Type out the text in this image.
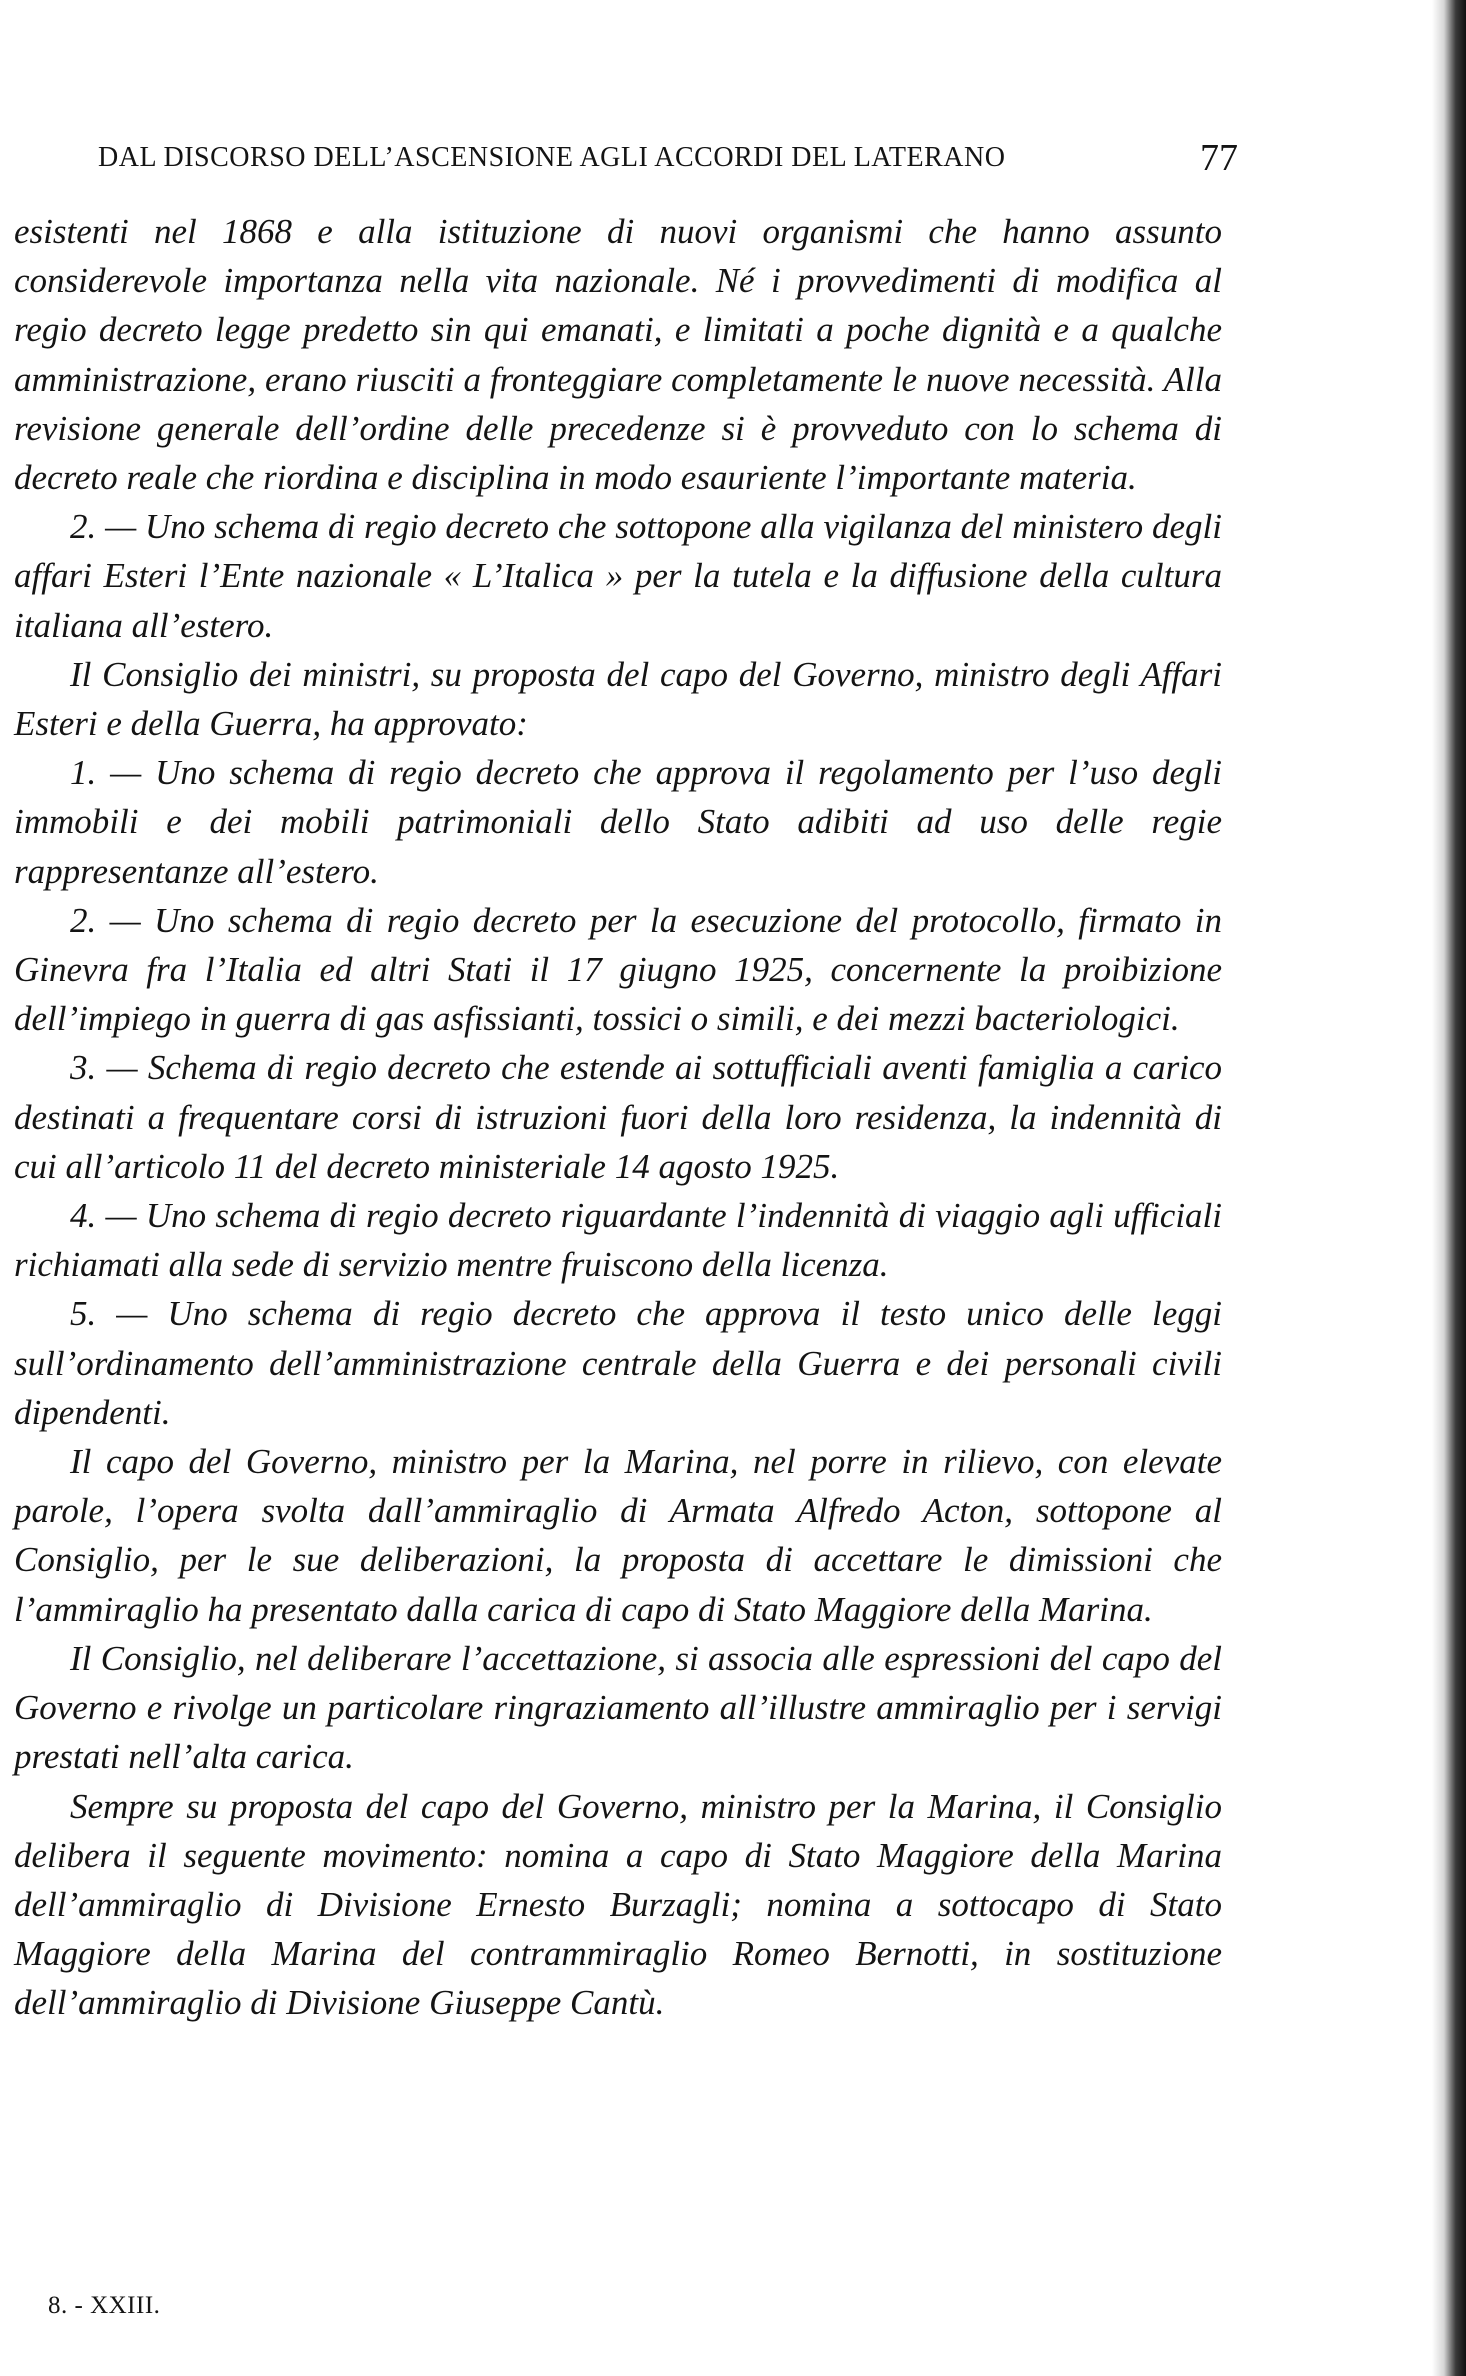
DAL DISCORSO DELL’ASCENSIONE AGLI ACCORDI DEL LATERANO	77

esistenti nel 1868 e alla istituzione di nuovi organismi che hanno assunto considerevole importanza nella vita nazionale. Né i provvedimenti di modifica al regio decreto legge predetto sin qui emanati, e limitati a poche dignità e a qualche amministrazione, erano riusciti a fronteggiare completamente le nuove necessità. Alla revisione generale dell’ordine delle precedenze si è provveduto con lo schema di decreto reale che riordina e disciplina in modo esauriente l’importante materia.

2. — Uno schema di regio decreto che sottopone alla vigilanza del ministero degli affari Esteri l’Ente nazionale « L’Italica » per la tutela e la diffusione della cultura italiana all’estero.

Il Consiglio dei ministri, su proposta del capo del Governo, ministro degli Affari Esteri e della Guerra, ha approvato:

1. — Uno schema di regio decreto che approva il regolamento per l’uso degli immobili e dei mobili patrimoniali dello Stato adibiti ad uso delle regie rappresentanze all’estero.

2. — Uno schema di regio decreto per la esecuzione del protocollo, firmato in Ginevra fra l’Italia ed altri Stati il 17 giugno 1925, concernente la proibizione dell’impiego in guerra di gas asfissianti, tossici o simili, e dei mezzi bacteriologici.

3. — Schema di regio decreto che estende ai sottufficiali aventi famiglia a carico destinati a frequentare corsi di istruzioni fuori della loro residenza, la indennità di cui all’articolo 11 del decreto ministeriale 14 agosto 1925.

4. — Uno schema di regio decreto riguardante l’indennità di viaggio agli ufficiali richiamati alla sede di servizio mentre fruiscono della licenza.

5. — Uno schema di regio decreto che approva il testo unico delle leggi sull’ordinamento dell’amministrazione centrale della Guerra e dei personali civili dipendenti.

Il capo del Governo, ministro per la Marina, nel porre in rilievo, con elevate parole, l’opera svolta dall’ammiraglio di Armata Alfredo Acton, sottopone al Consiglio, per le sue deliberazioni, la proposta di accettare le dimissioni che l’ammiraglio ha presentato dalla carica di capo di Stato Maggiore della Marina.

Il Consiglio, nel deliberare l’accettazione, si associa alle espressioni del capo del Governo e rivolge un particolare ringraziamento all’illustre ammiraglio per i servigi prestati nell’alta carica.

Sempre su proposta del capo del Governo, ministro per la Marina, il Consiglio delibera il seguente movimento: nomina a capo di Stato Maggiore della Marina dell’ammiraglio di Divisione Ernesto Burzagli; nomina a sottocapo di Stato Maggiore della Marina del contrammiraglio Romeo Bernotti, in sostituzione dell’ammiraglio di Divisione Giuseppe Cantù.

8. - XXIII.
